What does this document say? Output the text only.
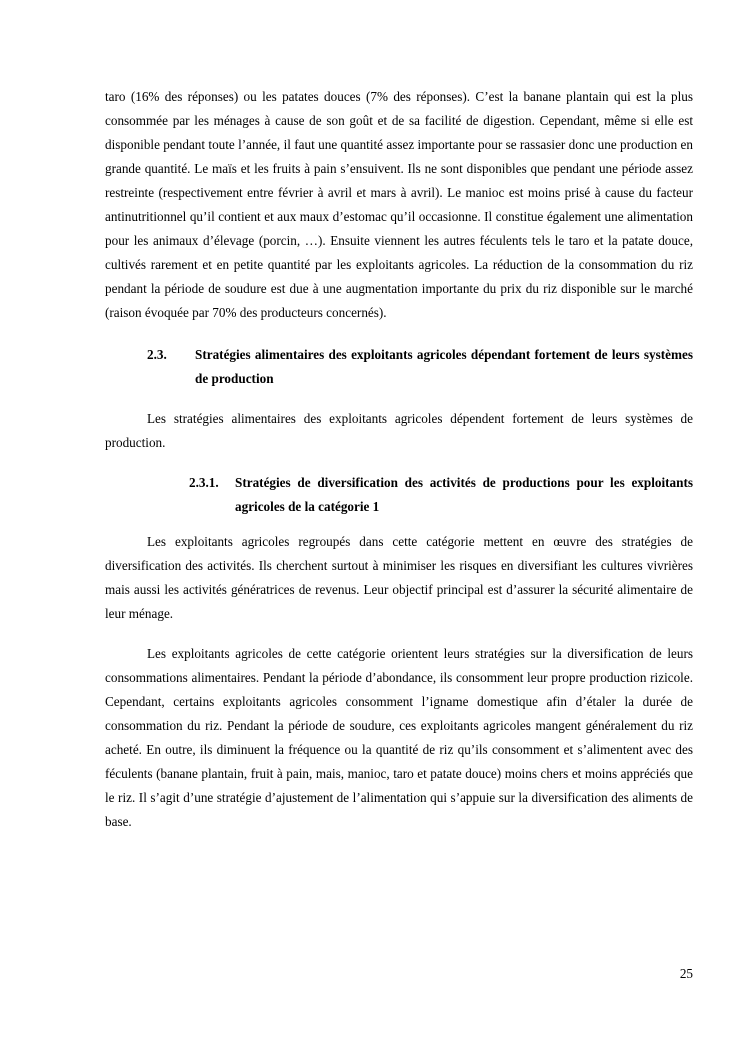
taro (16% des réponses) ou les patates douces (7% des réponses). C’est la banane plantain qui est la plus consommée par les ménages à cause de son goût et de sa facilité de digestion. Cependant, même si elle est disponible pendant toute l’année, il faut une quantité assez importante pour se rassasier donc une production en grande quantité. Le maïs et les fruits à pain s’ensuivent. Ils ne sont disponibles que pendant une période assez restreinte (respectivement entre février à avril et mars à avril). Le manioc est moins prisé à cause du facteur antinutritionnel qu’il contient et aux maux d’estomac qu’il occasionne. Il constitue également une alimentation pour les animaux d’élevage (porcin, …). Ensuite viennent les autres féculents tels le taro et la patate douce, cultivés rarement et en petite quantité par les exploitants agricoles. La réduction de la consommation du riz pendant la période de soudure est due à une augmentation importante du prix du riz disponible sur le marché (raison évoquée par 70% des producteurs concernés).

2.3.	Stratégies alimentaires des exploitants agricoles dépendant fortement de leurs systèmes de production

Les stratégies alimentaires des exploitants agricoles dépendent fortement de leurs systèmes de production.

2.3.1.	Stratégies de diversification des activités de productions pour les exploitants agricoles de la catégorie 1

Les exploitants agricoles regroupés dans cette catégorie mettent en œuvre des stratégies de diversification des activités. Ils cherchent surtout à minimiser les risques en diversifiant les cultures vivrières mais aussi les activités génératrices de revenus. Leur objectif principal est d’assurer la sécurité alimentaire de leur ménage.

Les exploitants agricoles de cette catégorie orientent leurs stratégies sur la diversification de leurs consommations alimentaires. Pendant la période d’abondance, ils consomment leur propre production rizicole. Cependant, certains exploitants agricoles consomment l’igname domestique afin d’étaler la durée de consommation du riz. Pendant la période de soudure, ces exploitants agricoles mangent généralement du riz acheté. En outre, ils diminuent la fréquence ou la quantité de riz qu’ils consomment et s’alimentent avec des féculents (banane plantain, fruit à pain, mais, manioc, taro et patate douce) moins chers et moins appréciés que le riz. Il s’agit d’une stratégie d’ajustement de l’alimentation qui s’appuie sur la diversification des aliments de base.

25
